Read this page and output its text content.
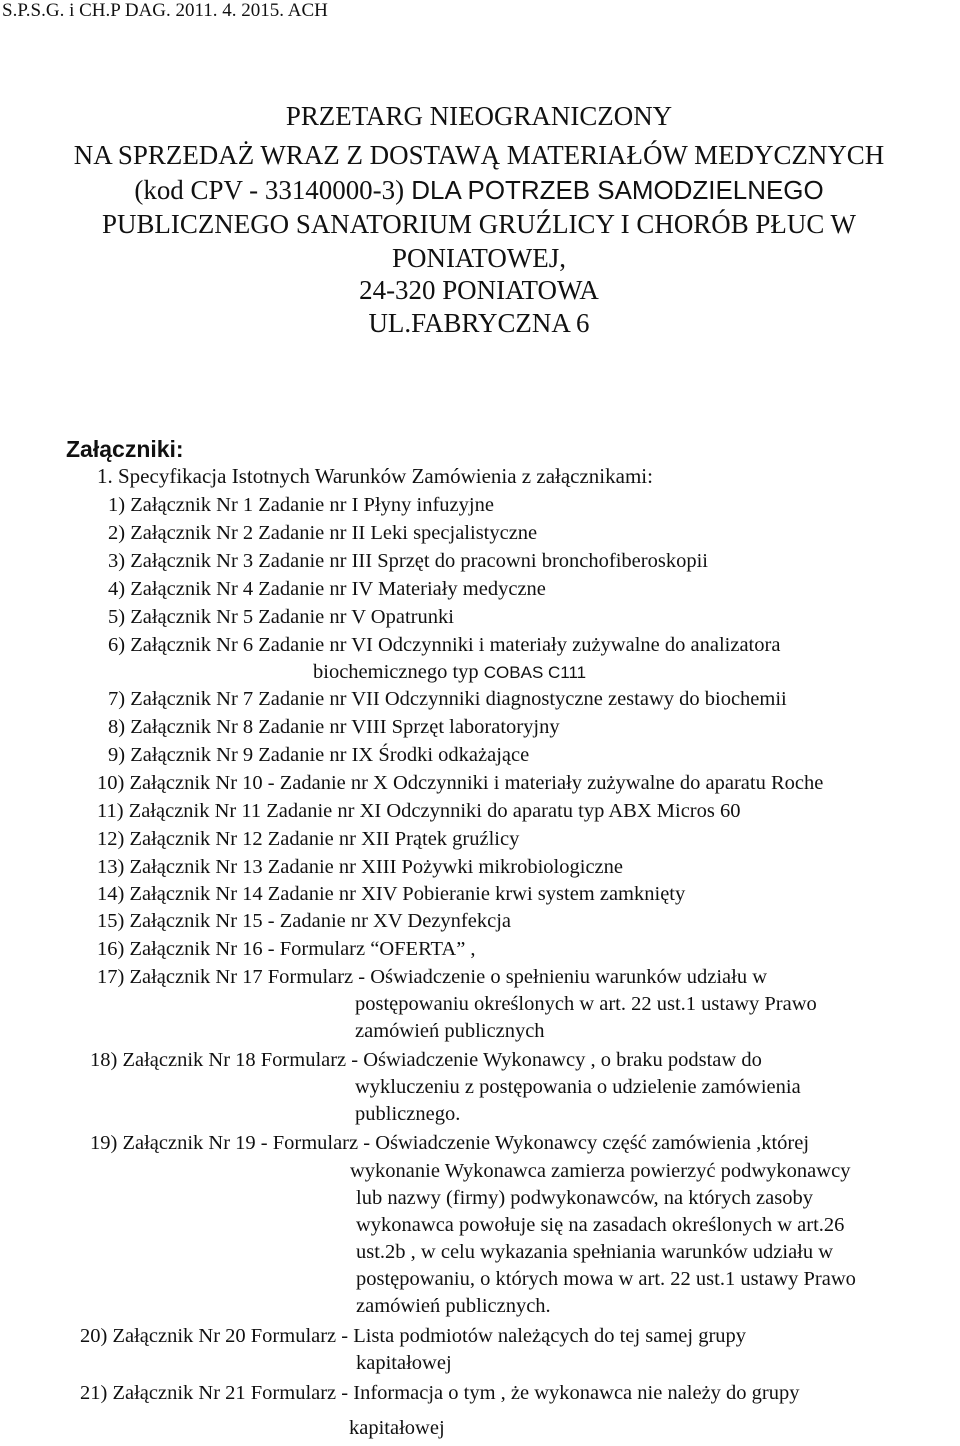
S.P.S.G. i CH.P DAG. 2011. 4. 2015. ACH
PRZETARG NIEOGRANICZONY
NA SPRZEDAŻ WRAZ Z DOSTAWĄ MATERIAŁÓW MEDYCZNYCH
(kod CPV - 33140000-3) DLA POTRZEB SAMODZIELNEGO
PUBLICZNEGO SANATORIUM GRUŹLICY I CHORÓB PŁUC W
PONIATOWEJ,
24-320 PONIATOWA
UL.FABRYCZNA 6
Załączniki:
1. Specyfikacja Istotnych Warunków Zamówienia z załącznikami:
1) Załącznik Nr 1 Zadanie nr I Płyny infuzyjne
2) Załącznik Nr 2 Zadanie nr II Leki specjalistyczne
3) Załącznik Nr 3 Zadanie nr III Sprzęt do pracowni bronchofiberoskopii
4) Załącznik Nr 4 Zadanie nr IV Materiały medyczne
5) Załącznik Nr 5 Zadanie nr V Opatrunki
6) Załącznik Nr 6 Zadanie nr VI Odczynniki i materiały zużywalne do analizatora
biochemicznego typ COBAS C111
7) Załącznik Nr 7 Zadanie nr VII Odczynniki diagnostyczne zestawy do biochemii
8) Załącznik Nr 8 Zadanie nr VIII Sprzęt laboratoryjny
9) Załącznik Nr 9 Zadanie nr IX Środki odkażające
10) Załącznik Nr 10 - Zadanie nr X Odczynniki i materiały zużywalne do aparatu Roche
11) Załącznik Nr 11 Zadanie nr XI Odczynniki do aparatu typ ABX Micros 60
12) Załącznik Nr 12 Zadanie nr XII Prątek gruźlicy
13) Załącznik Nr 13 Zadanie nr XIII Pożywki mikrobiologiczne
14) Załącznik Nr 14 Zadanie nr XIV Pobieranie krwi system zamknięty
15) Załącznik Nr 15 - Zadanie nr XV Dezynfekcja
16) Załącznik Nr 16 - Formularz “OFERTA” ,
17) Załącznik Nr 17 Formularz - Oświadczenie o spełnieniu warunków udziału w
postępowaniu określonych w art. 22 ust.1 ustawy Prawo
zamówień publicznych
18) Załącznik Nr 18 Formularz - Oświadczenie Wykonawcy , o braku podstaw do
wykluczeniu z postępowania o udzielenie zamówienia
publicznego.
19) Załącznik Nr 19 - Formularz - Oświadczenie Wykonawcy część zamówienia ,której
wykonanie Wykonawca zamierza powierzyć podwykonawcy
lub nazwy (firmy) podwykonawców, na których zasoby
wykonawca powołuje się na zasadach określonych w art.26
ust.2b , w celu wykazania spełniania warunków udziału w
postępowaniu, o których mowa w art. 22 ust.1 ustawy Prawo
zamówień publicznych.
20) Załącznik Nr 20 Formularz - Lista podmiotów należących do tej samej grupy
kapitałowej
21) Załącznik Nr 21 Formularz - Informacja o tym , że wykonawca nie należy do grupy
kapitałowej
